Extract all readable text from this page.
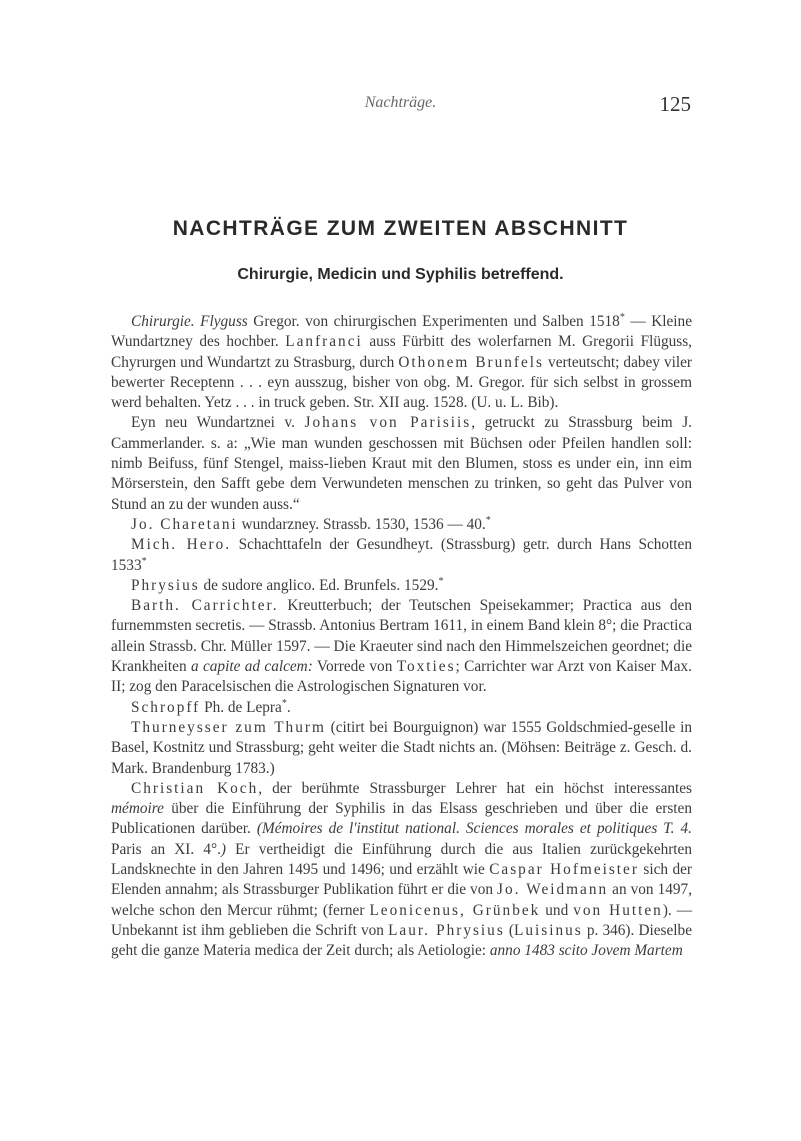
Nachträge.	125
NACHTRÄGE ZUM ZWEITEN ABSCHNITT
Chirurgie, Medicin und Syphilis betreffend.

Chirurgie. Flyguss Gregor. von chirurgischen Experimenten und Salben 1518* — Kleine Wundartzney des hochber. Lanfranci auss Fürbitt des wolerfarnen M. Gregorii Flüguss, Chyrurgen und Wundartzt zu Strasburg, durch Othonem Brunfels verteutscht; dabey viler bewerter Receptenn . . . eyn ausszug, bisher von obg. M. Gregor. für sich selbst in grossem werd behalten. Yetz . . . in truck geben. Str. XII aug. 1528. (U. u. L. Bib).

Eyn neu Wundartznei v. Johans von Parisiis, getruckt zu Strassburg beim J. Cammerlander. s. a: „Wie man wunden geschossen mit Büchsen oder Pfeilen handlen soll: nimb Beifuss, fünf Stengel, maiss-lieben Kraut mit den Blumen, stoss es under ein, inn eim Mörserstein, den Safft gebe dem Verwundeten menschen zu trinken, so geht das Pulver von Stund an zu der wunden auss.“

Jo. Charetani wundarzney. Strassb. 1530, 1536 — 40.*

Mich. Hero. Schachttafeln der Gesundheyt. (Strassburg) getr. durch Hans Schotten 1533*

Phrysius de sudore anglico. Ed. Brunfels. 1529.*

Barth. Carrichter. Kreutterbuch; der Teutschen Speisekammer; Practica aus den furnemmsten secretis. — Strassb. Antonius Bertram 1611, in einem Band klein 8°; die Practica allein Strassb. Chr. Müller 1597. — Die Kraeuter sind nach den Himmelszeichen geordnet; die Krankheiten a capite ad calcem: Vorrede von Toxties; Carrichter war Arzt von Kaiser Max. II; zog den Paracelsischen die Astrologischen Signaturen vor.

Schropff Ph. de Lepra*.

Thurneysser zum Thurm (citirt bei Bourguignon) war 1555 Goldschmied-geselle in Basel, Kostnitz und Strassburg; geht weiter die Stadt nichts an. (Möhsen: Beiträge z. Gesch. d. Mark. Brandenburg 1783.)

Christian Koch, der berühmte Strassburger Lehrer hat ein höchst interessantes mémoire über die Einführung der Syphilis in das Elsass geschrieben und über die ersten Publicationen darüber. (Mémoires de l'institut national. Sciences morales et politiques T. 4. Paris an XI. 4°.) Er vertheidigt die Einführung durch die aus Italien zurückgekehrten Landsknechte in den Jahren 1495 und 1496; und erzählt wie Caspar Hofmeister sich der Elenden annahm; als Strassburger Publikation führt er die von Jo. Weidmann an von 1497, welche schon den Mercur rühmt; (ferner Leonicenus, Grünbek und von Hutten). — Unbekannt ist ihm geblieben die Schrift von Laur. Phrysius (Luisinus p. 346). Dieselbe geht die ganze Materia medica der Zeit durch; als Aetiologie: anno 1483 scito Jovem Martem
